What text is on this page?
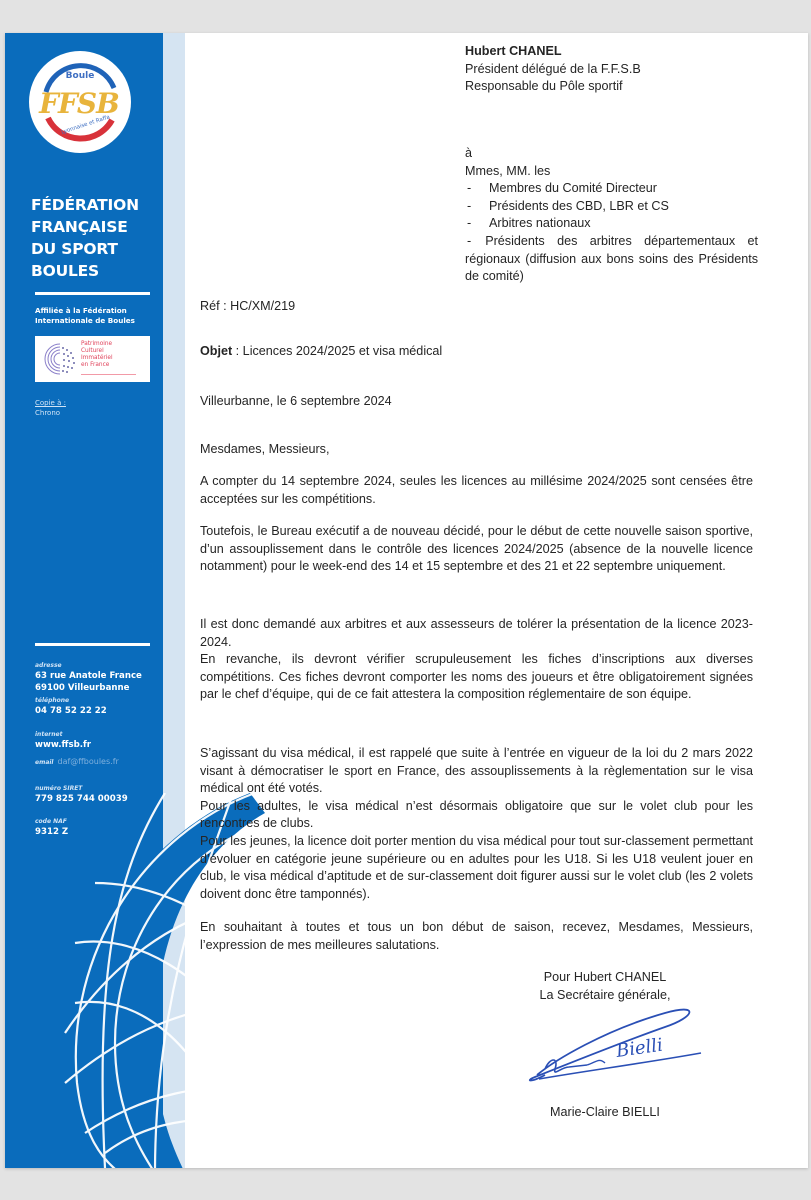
Boule
FFSB
Lyonnaise et Raffa
FÉDÉRATION
FRANÇAISE
DU SPORT
BOULES
Affiliée à la Fédération
Internationale de Boules
Patrimoine
Culturel
Immatériel
en France
Copie à :
Chrono
adresse
63 rue Anatole France
69100 Villeurbanne
téléphone
04 78 52 22 22
internet
www.ffsb.fr
email daf@ffboules.fr
numéro SIRET
779 825 744 00039
code NAF
9312 Z
Hubert CHANEL
Président délégué de la F.F.S.B
Responsable du Pôle sportif
à
Mmes, MM. les
-	Membres du Comité Directeur
-	Présidents des CBD, LBR et CS
-	Arbitres nationaux
- Présidents des arbitres départementaux et régionaux (diffusion aux bons soins des Présidents de comité)
Réf : HC/XM/219
Objet : Licences 2024/2025 et visa médical
Villeurbanne, le 6 septembre 2024
Mesdames, Messieurs,

A compter du 14 septembre 2024, seules les licences au millésime 2024/2025 sont censées être acceptées sur les compétitions.

Toutefois, le Bureau exécutif a de nouveau décidé, pour le début de cette nouvelle saison sportive, d’un assouplissement dans le contrôle des licences 2024/2025 (absence de la nouvelle licence notamment) pour le week-end des 14 et 15 septembre et des 21 et 22 septembre uniquement.

Il est donc demandé aux arbitres et aux assesseurs de tolérer la présentation de la licence 2023-2024.

En revanche, ils devront vérifier scrupuleusement les fiches d’inscriptions aux diverses compétitions. Ces fiches devront comporter les noms des joueurs et être obligatoirement signées par le chef d’équipe, qui de ce fait attestera la composition réglementaire de son équipe.

S’agissant du visa médical, il est rappelé que suite à l’entrée en vigueur de la loi du 2 mars 2022 visant à démocratiser le sport en France, des assouplissements à la règlementation sur le visa médical ont été votés.

Pour les adultes, le visa médical n’est désormais obligatoire que sur le volet club pour les rencontres de clubs.

Pour les jeunes, la licence doit porter mention du visa médical pour tout sur-classement permettant d’évoluer en catégorie jeune supérieure ou en adultes pour les U18. Si les U18 veulent jouer en club, le visa médical d’aptitude et de sur-classement doit figurer aussi sur le volet club (les 2 volets doivent donc être tamponnés).

En souhaitant à toutes et tous un bon début de saison, recevez, Mesdames, Messieurs, l’expression de mes meilleures salutations.

Pour Hubert CHANEL
La Secrétaire générale,
Bielli
Marie-Claire BIELLI
